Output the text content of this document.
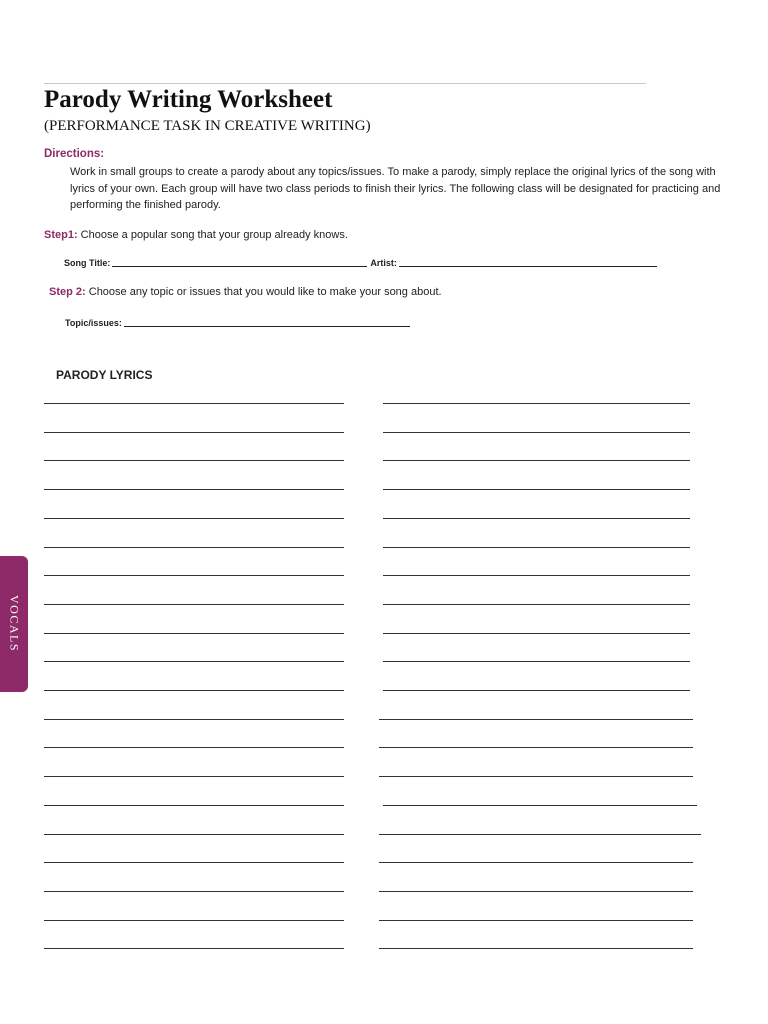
Parody Writing Worksheet
(PERFORMANCE TASK IN CREATIVE WRITING)
Directions:
Work in small groups to create a parody about any topics/issues. To make a parody, simply replace the original lyrics of the song with lyrics of your own. Each group will have two class periods to finish their lyrics. The following class will be designated for practicing and performing the finished parody.
Step1: Choose a popular song that your group already knows.
Song Title:	Artist:
Step 2: Choose any topic or issues that you would like to make your song about.
Topic/issues:
PARODY LYRICS
VOCALS
